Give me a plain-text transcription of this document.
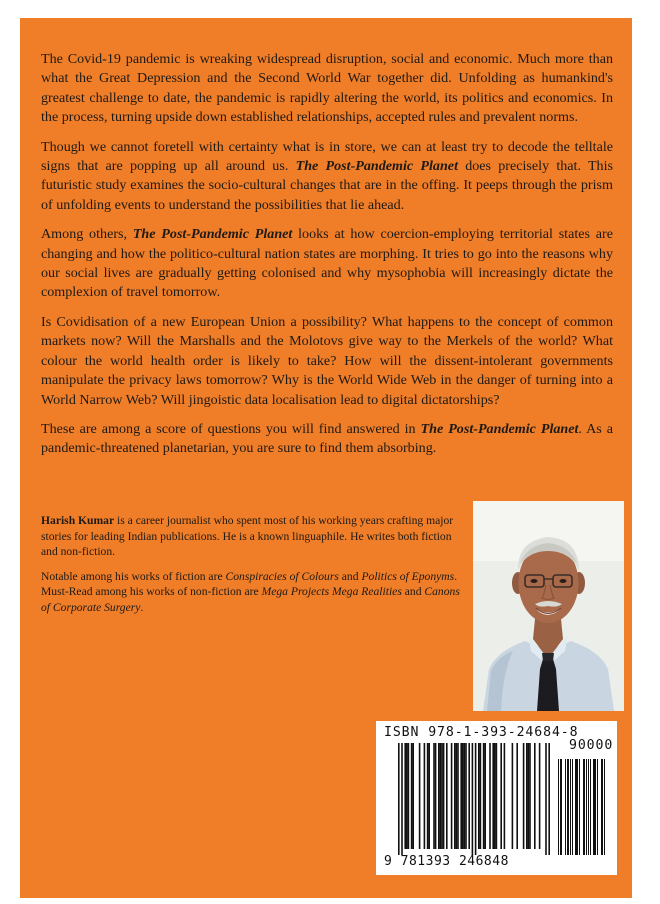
The Covid-19 pandemic is wreaking widespread disruption, social and economic. Much more than what the Great Depression and the Second World War together did. Unfolding as humankind's greatest challenge to date, the pandemic is rapidly altering the world, its politics and economics. In the process, turning upside down established relationships, accepted rules and prevalent norms.

Though we cannot foretell with certainty what is in store, we can at least try to decode the telltale signs that are popping up all around us. The Post-Pandemic Planet does precisely that. This futuristic study examines the socio-cultural changes that are in the offing. It peeps through the prism of unfolding events to understand the possibilities that lie ahead.

Among others, The Post-Pandemic Planet looks at how coercion-employing territorial states are changing and how the politico-cultural nation states are morphing. It tries to go into the reasons why our social lives are gradually getting colonised and why mysophobia will increasingly dictate the complexion of travel tomorrow.

Is Covidisation of a new European Union a possibility? What happens to the concept of common markets now? Will the Marshalls and the Molotovs give way to the Merkels of the world? What colour the world health order is likely to take? How will the dissent-intolerant governments manipulate the privacy laws tomorrow? Why is the World Wide Web in the danger of turning into a World Narrow Web? Will jingoistic data localisation lead to digital dictatorships?

These are among a score of questions you will find answered in The Post-Pandemic Planet. As a pandemic-threatened planetarian, you are sure to find them absorbing.

Harish Kumar is a career journalist who spent most of his working years crafting major stories for leading Indian publications. He is a known linguaphile. He writes both fiction and non-fiction.

Notable among his works of fiction are Conspiracies of Colours and Politics of Eponyms. Must-Read among his works of non-fiction are Mega Projects Mega Realities and Canons of Corporate Surgery.

ISBN 978-1-393-24684-8
90000
9 781393 246848
